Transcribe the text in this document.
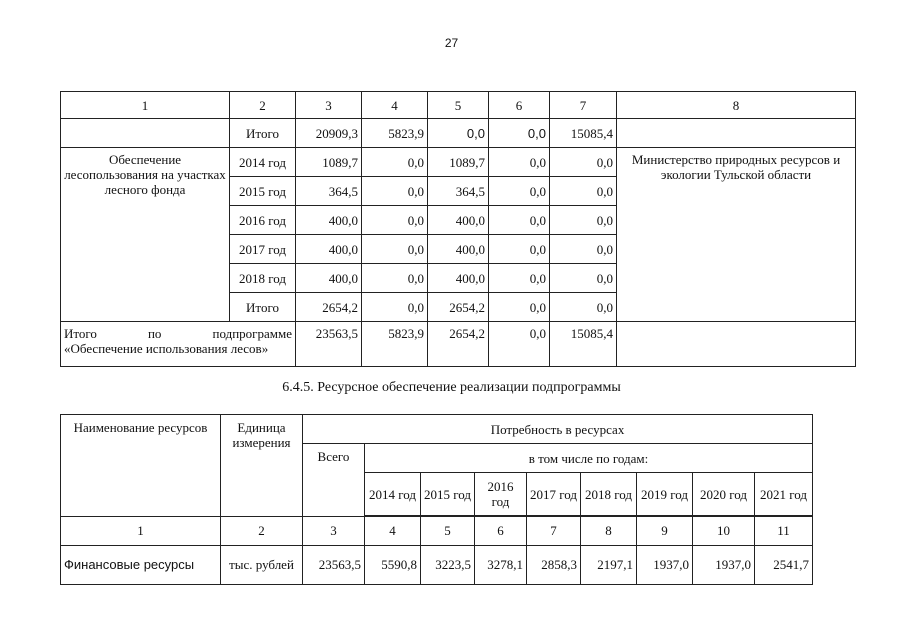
27
1	2	3	4	5	6	7	8
	Итого	20909,3	5823,9	0,0	0,0	15085,4	
Обеспечение лесопользования на участках лесного фонда	2014 год	1089,7	0,0	1089,7	0,0	0,0	Министерство природных ресурсов и экологии Тульской области
	2015 год	364,5	0,0	364,5	0,0	0,0	
	2016 год	400,0	0,0	400,0	0,0	0,0	
	2017 год	400,0	0,0	400,0	0,0	0,0	
	2018 год	400,0	0,0	400,0	0,0	0,0	
	Итого	2654,2	0,0	2654,2	0,0	0,0	

Итого по подпрограмме
«Обеспечение использования лесов»		23563,5	5823,9	2654,2	0,0	15085,4	
6.4.5. Ресурсное обеспечение реализации подпрограммы
Наименование ресурсов	Единица измерения	Потребность в ресурсах								
		Всего	в том числе по годам:							
			2014 год	2015 год	2016 год	2017 год	2018 год	2019 год	2020 год	2021 год
1	2	3	4	5	6	7	8	9	10	11
Финансовые ресурсы	тыс. рублей	23563,5	5590,8	3223,5	3278,1	2858,3	2197,1	1937,0	1937,0	2541,7
